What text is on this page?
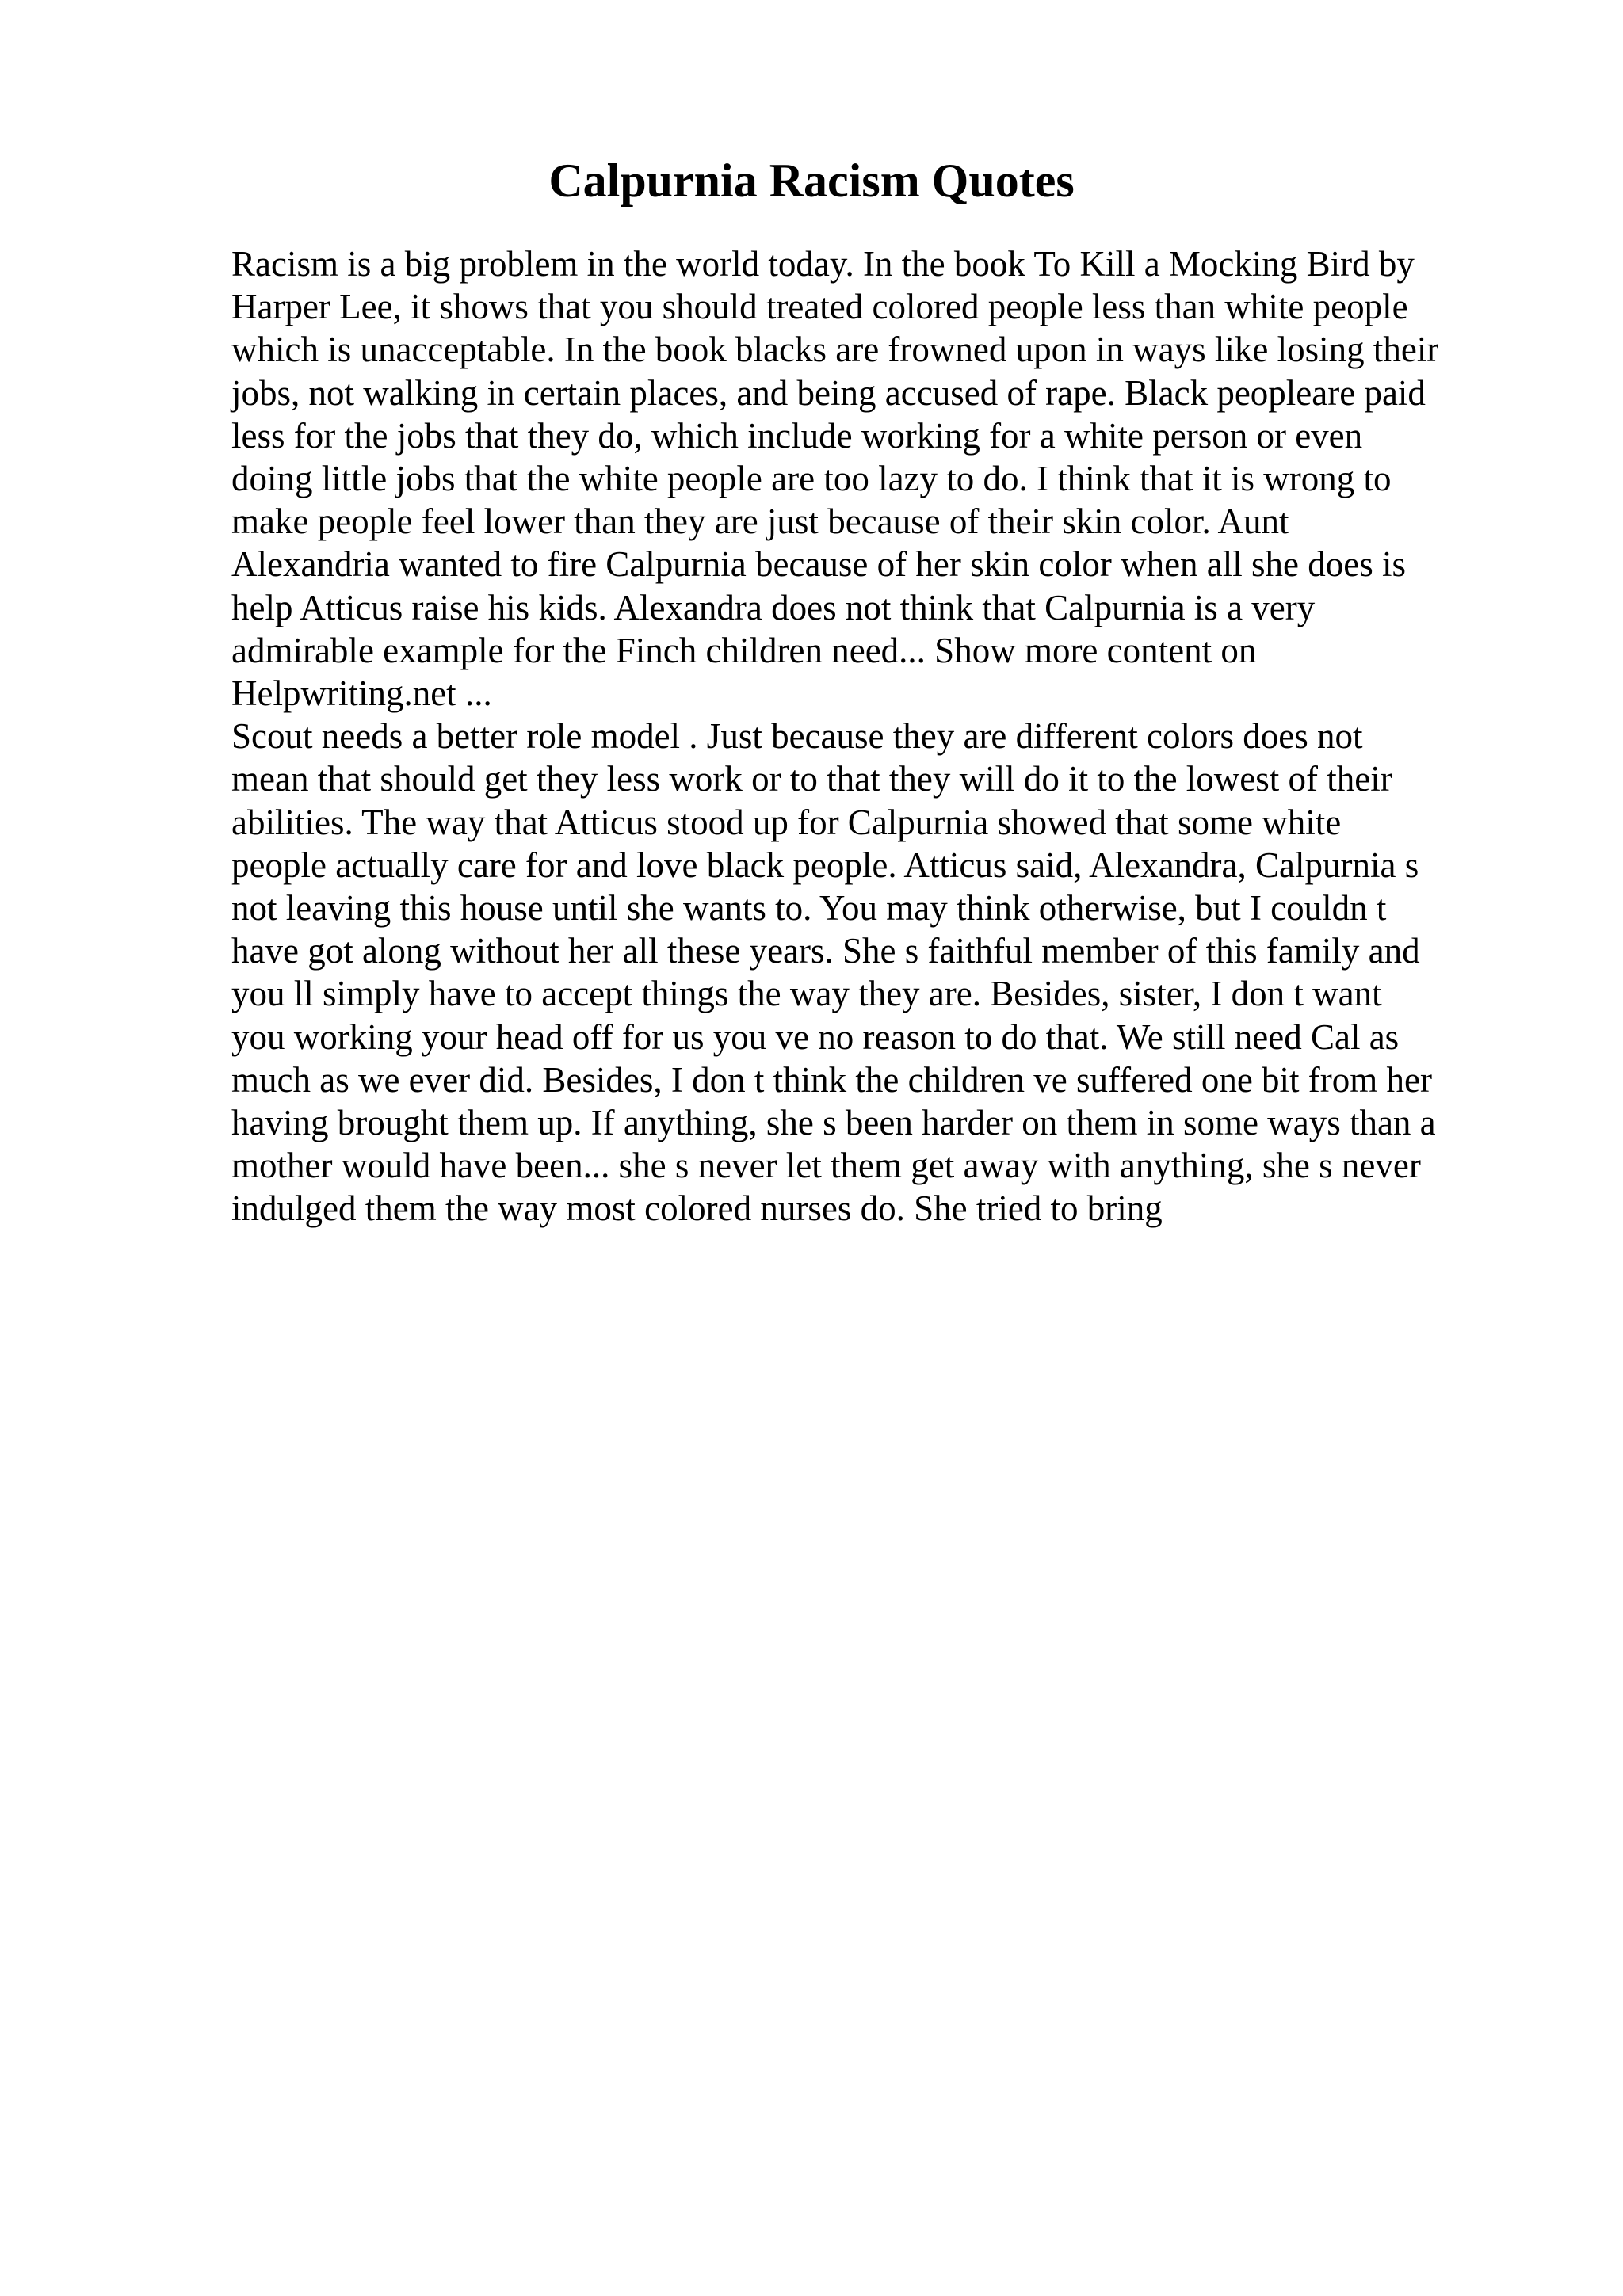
Calpurnia Racism Quotes
Racism is a big problem in the world today. In the book To Kill a Mocking Bird by
Harper Lee, it shows that you should treated colored people less than white people
which is unacceptable. In the book blacks are frowned upon in ways like losing their
jobs, not walking in certain places, and being accused of rape. Black peopleare paid
less for the jobs that they do, which include working for a white person or even
doing little jobs that the white people are too lazy to do. I think that it is wrong to
make people feel lower than they are just because of their skin color. Aunt
Alexandria wanted to fire Calpurnia because of her skin color when all she does is
help Atticus raise his kids. Alexandra does not think that Calpurnia is a very
admirable example for the Finch children need... Show more content on
Helpwriting.net ...
Scout needs a better role model . Just because they are different colors does not
mean that should get they less work or to that they will do it to the lowest of their
abilities. The way that Atticus stood up for Calpurnia showed that some white
people actually care for and love black people. Atticus said, Alexandra, Calpurnia s
not leaving this house until she wants to. You may think otherwise, but I couldn t
have got along without her all these years. She s faithful member of this family and
you ll simply have to accept things the way they are. Besides, sister, I don t want
you working your head off for us you ve no reason to do that. We still need Cal as
much as we ever did. Besides, I don t think the children ve suffered one bit from her
having brought them up. If anything, she s been harder on them in some ways than a
mother would have been... she s never let them get away with anything, she s never
indulged them the way most colored nurses do. She tried to bring
